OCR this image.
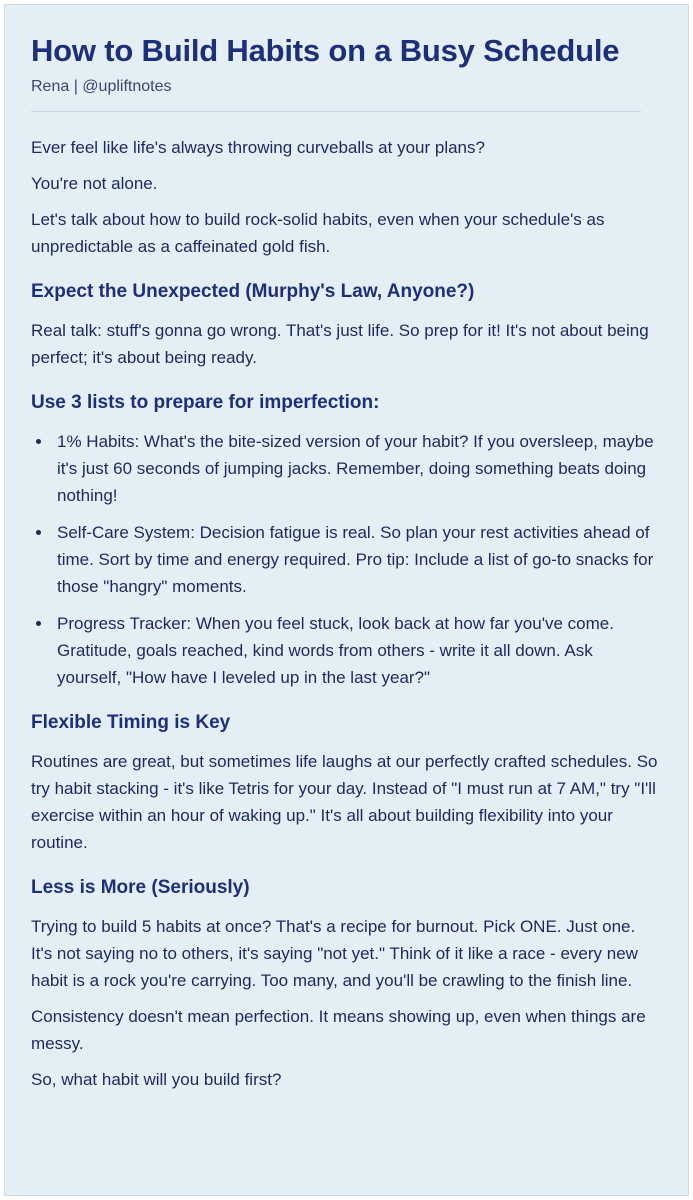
How to Build Habits on a Busy Schedule
Rena | @upliftnotes

Ever feel like life's always throwing curveballs at your plans?

You're not alone.

Let's talk about how to build rock-solid habits, even when your schedule's as unpredictable as a caffeinated gold fish.

Expect the Unexpected (Murphy's Law, Anyone?)

Real talk: stuff's gonna go wrong. That's just life. So prep for it! It's not about being perfect; it's about being ready.

Use 3 lists to prepare for imperfection:
1% Habits: What's the bite-sized version of your habit? If you oversleep, maybe it's just 60 seconds of jumping jacks. Remember, doing something beats doing nothing!
Self-Care System: Decision fatigue is real. So plan your rest activities ahead of time. Sort by time and energy required. Pro tip: Include a list of go-to snacks for those "hangry" moments.
Progress Tracker: When you feel stuck, look back at how far you've come. Gratitude, goals reached, kind words from others - write it all down. Ask yourself, "How have I leveled up in the last year?"
Flexible Timing is Key

Routines are great, but sometimes life laughs at our perfectly crafted schedules. So try habit stacking - it's like Tetris for your day. Instead of "I must run at 7 AM," try "I'll exercise within an hour of waking up." It's all about building flexibility into your routine.

Less is More (Seriously)

Trying to build 5 habits at once? That's a recipe for burnout. Pick ONE. Just one. It's not saying no to others, it's saying "not yet." Think of it like a race - every new habit is a rock you're carrying. Too many, and you'll be crawling to the finish line.

Consistency doesn't mean perfection. It means showing up, even when things are messy.

So, what habit will you build first?
